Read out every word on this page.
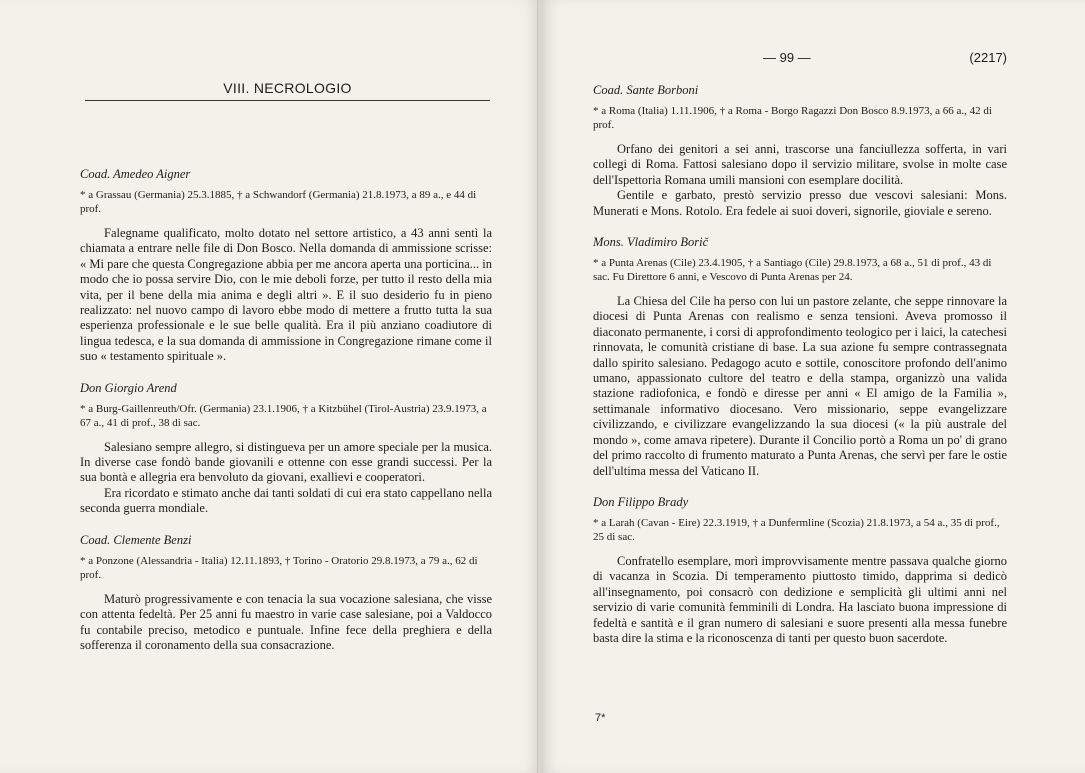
VIII. NECROLOGIO

Coad. Amedeo Aigner

* a Grassau (Germania) 25.3.1885, † a Schwandorf (Germania) 21.8.1973, a 89 a., e 44 di prof.

Falegname qualificato, molto dotato nel settore artistico, a 43 anni sentì la chiamata a entrare nelle file di Don Bosco. Nella domanda di ammissione scrisse: « Mi pare che questa Congregazione abbia per me ancora aperta una porticina... in modo che io possa servire Dio, con le mie deboli forze, per tutto il resto della mia vita, per il bene della mia anima e degli altri ». E il suo desiderio fu in pieno realizzato: nel nuovo campo di lavoro ebbe modo di mettere a frutto tutta la sua esperienza professionale e le sue belle qualità. Era il più anziano coadiutore di lingua tedesca, e la sua domanda di ammissione in Congregazione rimane come il suo « testamento spirituale ».

Don Giorgio Arend

* a Burg-Gaillenreuth/Ofr. (Germania) 23.1.1906, † a Kitzbühel (Tirol-Austria) 23.9.1973, a 67 a., 41 di prof., 38 di sac.

Salesiano sempre allegro, si distingueva per un amore speciale per la musica. In diverse case fondò bande giovanili e ottenne con esse grandi successi. Per la sua bontà e allegria era benvoluto da giovani, exallievi e cooperatori.

Era ricordato e stimato anche dai tanti soldati di cui era stato cappellano nella seconda guerra mondiale.

Coad. Clemente Benzi

* a Ponzone (Alessandria - Italia) 12.11.1893, † Torino - Oratorio 29.8.1973, a 79 a., 62 di prof.

Maturò progressivamente e con tenacia la sua vocazione salesiana, che visse con attenta fedeltà. Per 25 anni fu maestro in varie case salesiane, poi a Valdocco fu contabile preciso, metodico e puntuale. Infine fece della preghiera e della sofferenza il coronamento della sua consacrazione.

— 99 —	(2217)

Coad. Sante Borboni

* a Roma (Italia) 1.11.1906, † a Roma - Borgo Ragazzi Don Bosco 8.9.1973, a 66 a., 42 di prof.

Orfano dei genitori a sei anni, trascorse una fanciullezza sofferta, in vari collegi di Roma. Fattosi salesiano dopo il servizio militare, svolse in molte case dell'Ispettoria Romana umili mansioni con esemplare docilità.

Gentile e garbato, prestò servizio presso due vescovi salesiani: Mons. Munerati e Mons. Rotolo. Era fedele ai suoi doveri, signorile, gioviale e sereno.

Mons. Vladimiro Borič

* a Punta Arenas (Cile) 23.4.1905, † a Santiago (Cile) 29.8.1973, a 68 a., 51 di prof., 43 di sac. Fu Direttore 6 anni, e Vescovo di Punta Arenas per 24.

La Chiesa del Cile ha perso con lui un pastore zelante, che seppe rinnovare la diocesi di Punta Arenas con realismo e senza tensioni. Aveva promosso il diaconato permanente, i corsi di approfondimento teologico per i laici, la catechesi rinnovata, le comunità cristiane di base. La sua azione fu sempre contrassegnata dallo spirito salesiano. Pedagogo acuto e sottile, conoscitore profondo dell'animo umano, appassionato cultore del teatro e della stampa, organizzò una valida stazione radiofonica, e fondò e diresse per anni « El amigo de la Familia », settimanale informativo diocesano. Vero missionario, seppe evangelizzare civilizzando, e civilizzare evangelizzando la sua diocesi (« la più australe del mondo », come amava ripetere). Durante il Concilio portò a Roma un po' di grano del primo raccolto di frumento maturato a Punta Arenas, che servì per fare le ostie dell'ultima messa del Vaticano II.

Don Filippo Brady

* a Larah (Cavan - Eire) 22.3.1919, † a Dunfermline (Scozia) 21.8.1973, a 54 a., 35 di prof., 25 di sac.

Confratello esemplare, morì improvvisamente mentre passava qualche giorno di vacanza in Scozia. Di temperamento piuttosto timido, dapprima si dedicò all'insegnamento, poi consacrò con dedizione e semplicità gli ultimi anni nel servizio di varie comunità femminili di Londra. Ha lasciato buona impressione di fedeltà e santità e il gran numero di salesiani e suore presenti alla messa funebre basta dire la stima e la riconoscenza di tanti per questo buon sacerdote.

7*
